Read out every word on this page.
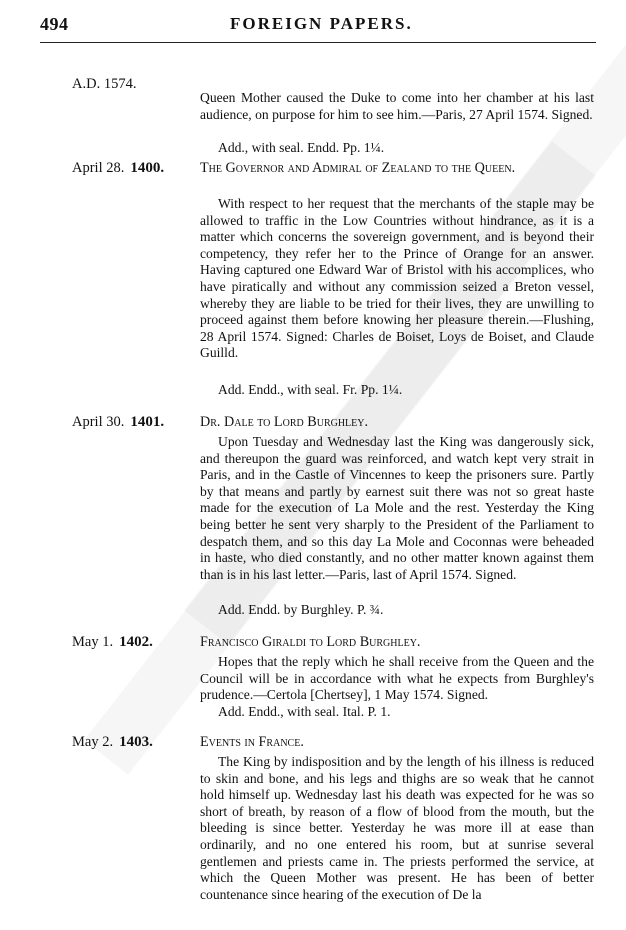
494	FOREIGN PAPERS.
A.D. 1574.

Queen Mother caused the Duke to come into her chamber at his last audience, on purpose for him to see him.—Paris, 27 April 1574. Signed.

Add., with seal. Endd. Pp. 1¼.
April 28. 1400.	The Governor and Admiral of Zealand to the Queen.

With respect to her request that the merchants of the staple may be allowed to traffic in the Low Countries without hindrance, as it is a matter which concerns the sovereign government, and is beyond their competency, they refer her to the Prince of Orange for an answer. Having captured one Edward War of Bristol with his accomplices, who have piratically and without any commission seized a Breton vessel, whereby they are liable to be tried for their lives, they are unwilling to proceed against them before knowing her pleasure therein.—Flushing, 28 April 1574. Signed: Charles de Boiset, Loys de Boiset, and Claude Guilld.

Add. Endd., with seal. Fr. Pp. 1¼.
April 30. 1401.	Dr. Dale to Lord Burghley.

Upon Tuesday and Wednesday last the King was dangerously sick, and thereupon the guard was reinforced, and watch kept very strait in Paris, and in the Castle of Vincennes to keep the prisoners sure. Partly by that means and partly by earnest suit there was not so great haste made for the execution of La Mole and the rest. Yesterday the King being better he sent very sharply to the President of the Parliament to despatch them, and so this day La Mole and Coconnas were beheaded in haste, who died constantly, and no other matter known against them than is in his last letter.—Paris, last of April 1574. Signed.

Add. Endd. by Burghley. P. ¾.
May 1. 1402.	Francisco Giraldi to Lord Burghley.

Hopes that the reply which he shall receive from the Queen and the Council will be in accordance with what he expects from Burghley's prudence.—Certola [Chertsey], 1 May 1574. Signed.

Add. Endd., with seal. Ital. P. 1.
May 2. 1403.	Events in France.

The King by indisposition and by the length of his illness is reduced to skin and bone, and his legs and thighs are so weak that he cannot hold himself up. Wednesday last his death was expected for he was so short of breath, by reason of a flow of blood from the mouth, but the bleeding is since better. Yesterday he was more ill at ease than ordinarily, and no one entered his room, but at sunrise several gentlemen and priests came in. The priests performed the service, at which the Queen Mother was present. He has been of better countenance since hearing of the execution of De la
